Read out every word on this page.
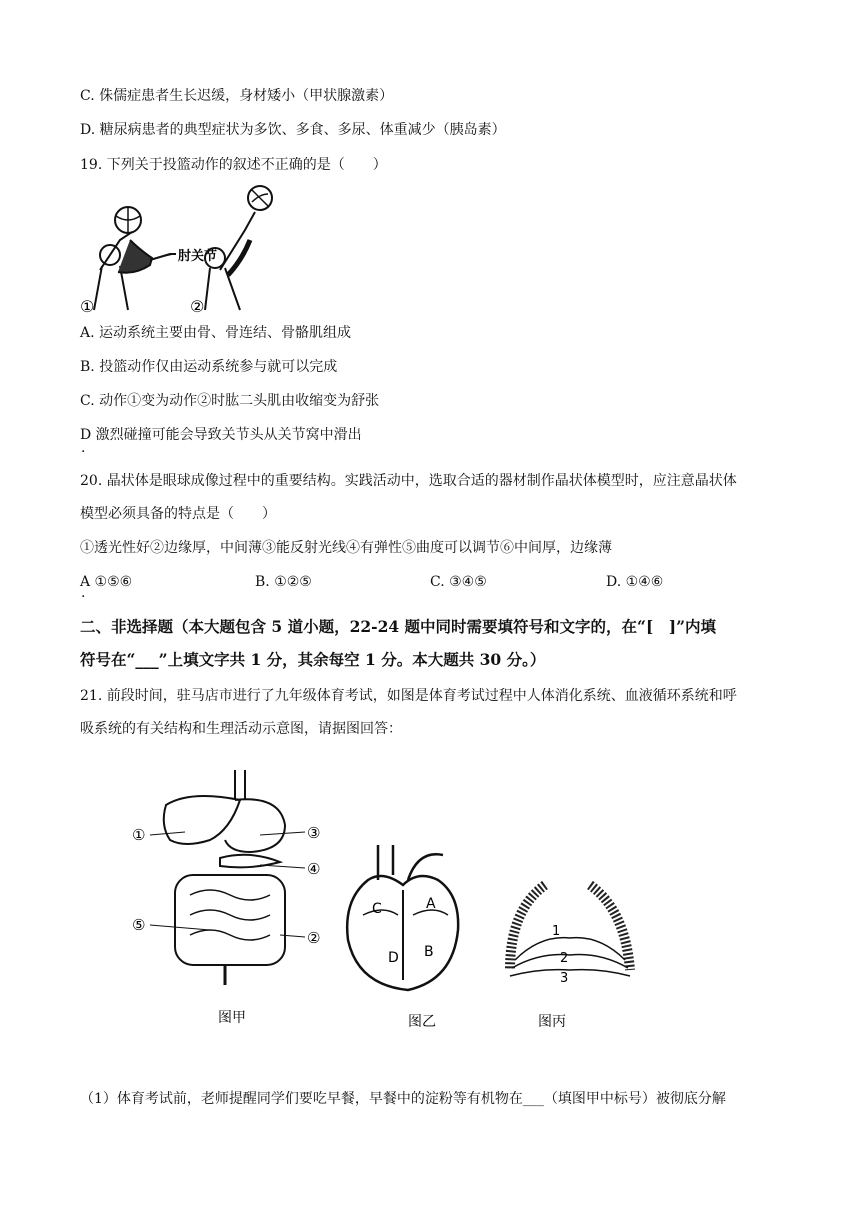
C. 侏儒症患者生长迟缓，身材矮小（甲状腺激素）
D. 糖尿病患者的典型症状为多饮、多食、多尿、体重减少（胰岛素）
19. 下列关于投篮动作的叙述不正确的是（　　）
肘关节
①	②
A. 运动系统主要由骨、骨连结、骨骼肌组成
B. 投篮动作仅由运动系统参与就可以完成
C. 动作①变为动作②时肱二头肌由收缩变为舒张
D 激烈碰撞可能会导致关节头从关节窝中滑出
·
20. 晶状体是眼球成像过程中的重要结构。实践活动中，选取合适的器材制作晶状体模型时，应注意晶状体
模型必须具备的特点是（　　）
①透光性好②边缘厚，中间薄③能反射光线④有弹性⑤曲度可以调节⑥中间厚，边缘薄
A ①⑤⑥
·
B. ①②⑤	C. ③④⑤	D. ①④⑥
二、非选择题（本大题包含 5 道小题，22-24 题中同时需要填符号和文字的，在“[　]”内填
符号在“___”上填文字共 1 分，其余每空 1 分。本大题共 30 分。）
21. 前段时间，驻马店市进行了九年级体育考试，如图是体育考试过程中人体消化系统、血液循环系统和呼
吸系统的有关结构和生理活动示意图，请据图回答：
①	③
④
⑤
②
图甲
C	A
D B
图乙
1
2
3
图丙
（1）体育考试前，老师提醒同学们要吃早餐，早餐中的淀粉等有机物在___（填图甲中标号）被彻底分解
